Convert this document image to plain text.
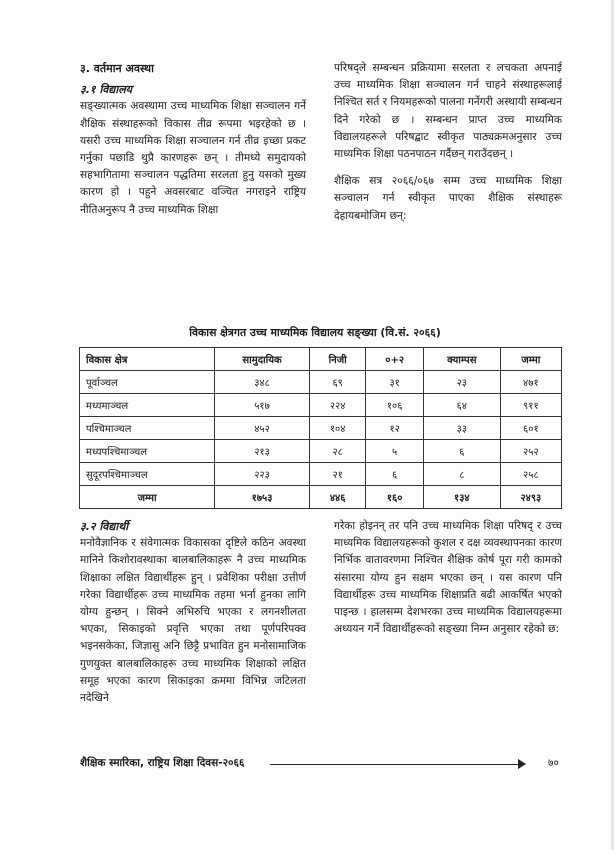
३. वर्तमान अवस्था

३.१ विद्यालय

सङ्ख्यात्मक अवस्थामा उच्च माध्यमिक शिक्षा सञ्चालन गर्ने शैक्षिक संस्थाहरूको विकास तीव्र रूपमा भइरहेको छ । यसरी उच्च माध्यमिक शिक्षा सञ्चालन गर्न तीव्र इच्छा प्रकट गर्नुका पछाडि थुप्रै कारणहरू छन् । तीमध्ये समुदायको सहभागितामा सञ्चालन पद्धतिमा सरलता हुनु यसको मुख्य कारण हो । पहुने अवसरबाट वञ्चित नगराइने राष्ट्रिय नीतिअनुरूप नै उच्च माध्यमिक शिक्षा

परिषद्ले सम्बन्धन प्रक्रियामा सरलता र लचकता अपनाई उच्च माध्यमिक शिक्षा सञ्चालन गर्न चाहने संस्थाहरूलाई निश्चित सर्त र नियमहरूको पालना गर्नेगरी अस्थायी सम्बन्धन दिने गरेको छ । सम्बन्धन प्राप्त उच्च माध्यमिक विद्यालयहरूले परिषद्बाट स्वीकृत पाठ्यक्रमअनुसार उच्च माध्यमिक शिक्षा पठनपाठन गर्दैछन् गराउँदछन् ।

शैक्षिक सत्र २०६६/०६७ सम्म उच्च माध्यमिक शिक्षा सञ्चालन गर्न स्वीकृत पाएका शैक्षिक संस्थाहरू देहायबमोजिम छन्:

विकास क्षेत्रगत उच्च माध्यमिक विद्यालय सङ्ख्या (वि.सं. २०६६)
विकास क्षेत्र	सामुदायिक	निजी	०+२	क्याम्पस	जम्मा
पूर्वाञ्चल	३४८	६९	३१	२३	४७१
मध्यमाञ्चल	५१७	२२४	१०६	६४	९११
पश्चिमाञ्चल	४५२	१०४	१२	३३	६०१
मध्यपश्चिमाञ्चल	२१३	२८	५	६	२५२
सुदूरपश्चिमाञ्चल	२२३	२१	६	८	२५८
जम्मा	१७५३	४४६	१६०	१३४	२४९३

३.२ विद्यार्थी

मनोवैज्ञानिक र संवेगात्मक विकासका दृष्टिले कठिन अवस्था मानिने किशोरावस्थाका बालबालिकाहरू नै उच्च माध्यमिक शिक्षाका लक्षित विद्यार्थीहरू हुन् । प्रवेशिका परीक्षा उत्तीर्ण गरेका विद्यार्थीहरू उच्च माध्यमिक तहमा भर्ना हुनका लागि योग्य हुन्छन् । सिक्ने अभिरुचि भएका र लगनशीलता भएका, सिकाइको प्रवृत्ति भएका तथा पूर्णपरिपक्व भइनसकेका, जिज्ञासु अनि छिट्टै प्रभावित हुन मनोसामाजिक गुणयुक्त बालबालिकाहरू उच्च माध्यमिक शिक्षाको लक्षित समूह भएका कारण सिकाइका क्रममा विभिन्न जटिलता नदेखिने

गरेका होइनन् तर पनि उच्च माध्यमिक शिक्षा परिषद् र उच्च माध्यमिक विद्यालयहरूको कुशल र दक्ष व्यवस्थापनका कारण निर्भिक वातावरणमा निश्चित शैक्षिक कोर्ष पूरा गरी कामको संसारमा योग्य हुन सक्षम भएका छन् । यस कारण पनि विद्यार्थीहरू उच्च माध्यमिक शिक्षाप्रति बढी आकर्षित भएको पाइन्छ । हालसम्म देशभरका उच्च माध्यमिक विद्यालयहरूमा अध्ययन गर्ने विद्यार्थीहरूको सङ्ख्या निम्न अनुसार रहेको छ:

शैक्षिक स्मारिका, राष्ट्रिय शिक्षा दिवस-२०६६	७०
